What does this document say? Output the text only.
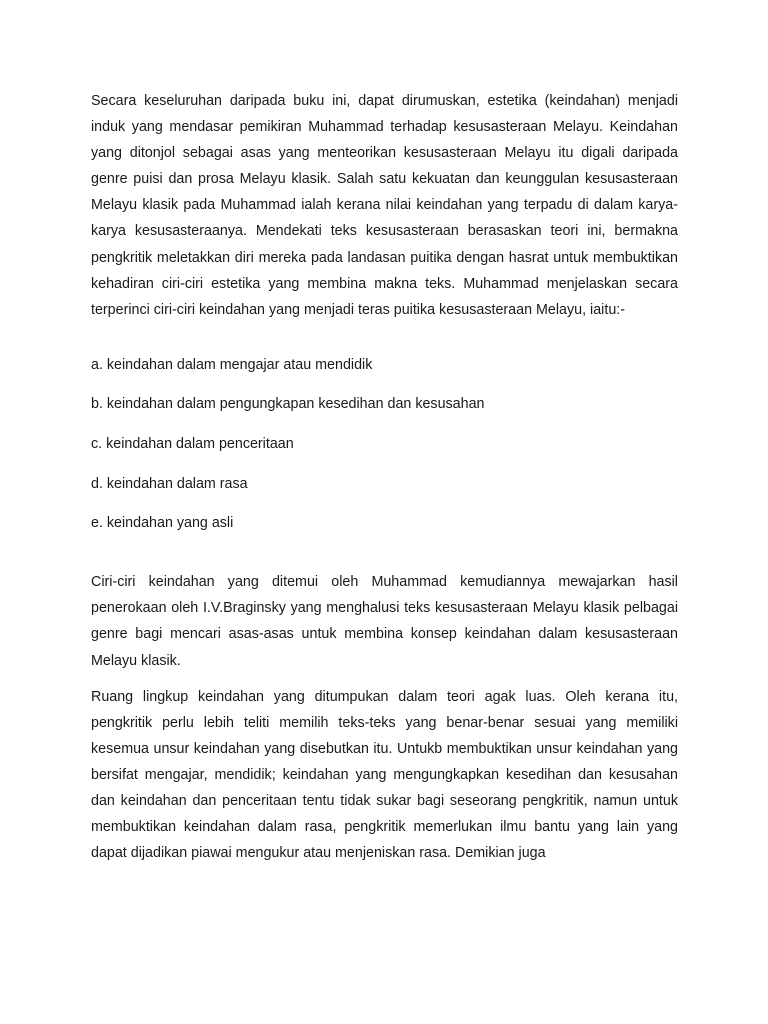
Secara keseluruhan daripada buku ini, dapat dirumuskan, estetika (keindahan) menjadi induk yang mendasar pemikiran Muhammad terhadap kesusasteraan Melayu. Keindahan yang ditonjol sebagai asas yang menteorikan kesusasteraan Melayu itu digali daripada genre puisi dan prosa Melayu klasik. Salah satu kekuatan dan keunggulan kesusasteraan Melayu klasik pada Muhammad ialah kerana nilai keindahan yang terpadu di dalam karya-karya kesusasteraanya. Mendekati teks kesusasteraan berasaskan teori ini, bermakna pengkritik meletakkan diri mereka pada landasan puitika dengan hasrat untuk membuktikan kehadiran ciri-ciri estetika yang membina makna teks. Muhammad menjelaskan secara terperinci ciri-ciri keindahan yang menjadi teras puitika kesusasteraan Melayu, iaitu:-

a. keindahan dalam mengajar atau mendidik
b. keindahan dalam pengungkapan kesedihan dan kesusahan
c. keindahan dalam penceritaan
d. keindahan dalam rasa
e. keindahan yang asli

Ciri-ciri keindahan yang ditemui oleh Muhammad kemudiannya mewajarkan hasil penerokaan oleh I.V.Braginsky yang menghalusi teks kesusasteraan Melayu klasik pelbagai genre bagi mencari asas-asas untuk membina konsep keindahan dalam kesusasteraan Melayu klasik.

Ruang lingkup keindahan yang ditumpukan dalam teori agak luas. Oleh kerana itu, pengkritik perlu lebih teliti memilih teks-teks yang benar-benar sesuai yang memiliki kesemua unsur keindahan yang disebutkan itu. Untukb membuktikan unsur keindahan yang bersifat mengajar, mendidik; keindahan yang mengungkapkan kesedihan dan kesusahan dan keindahan dan penceritaan tentu tidak sukar bagi seseorang pengkritik, namun untuk membuktikan keindahan dalam rasa, pengkritik memerlukan ilmu bantu yang lain yang dapat dijadikan piawai mengukur atau menjeniskan rasa. Demikian juga
